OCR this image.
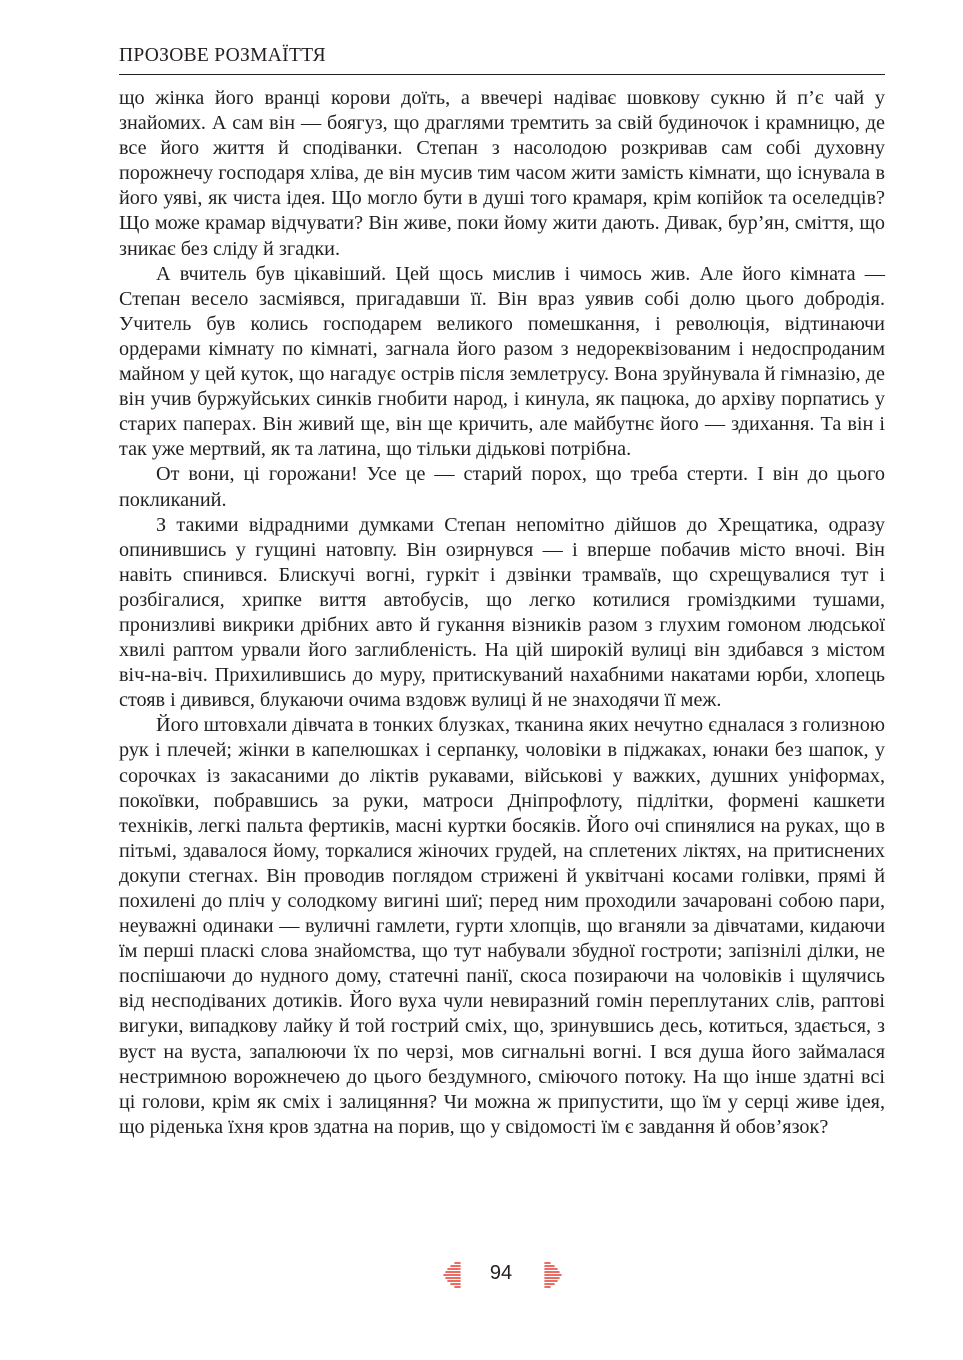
ПРОЗОВЕ РОЗМАЇТТЯ

що жінка його вранці корови доїть, а ввечері надіває шовкову сукню й п’є чай у знайомих. А сам він — боягуз, що драглями тремтить за свій будиночок і крамницю, де все його життя й сподіванки. Степан з насолодою розкривав сам собі духовну порожнечу господаря хліва, де він мусив тим часом жити замість кімнати, що існувала в його уяві, як чиста ідея. Що могло бути в душі того крамаря, крім копійок та оселедців? Що може крамар відчувати? Він живе, поки йому жити дають. Дивак, бур’ян, сміття, що зникає без сліду й згадки.

А вчитель був цікавіший. Цей щось мислив і чимось жив. Але його кімната — Степан весело засміявся, пригадавши її. Він враз уявив собі долю цього добродія. Учитель був колись господарем великого помешкання, і революція, відтинаючи ордерами кімнату по кімнаті, загнала його разом з недореквізованим і недоспроданим майном у цей куток, що нагадує острів після землетрусу. Вона зруйнувала й гімназію, де він учив буржуйських синків гнобити народ, і кинула, як пацюка, до архіву порпатись у старих паперах. Він живий ще, він ще кричить, але майбутнє його — здихання. Та він і так уже мертвий, як та латина, що тільки дідькові потрібна.

От вони, ці горожани! Усе це — старий порох, що треба стерти. І він до цього покликаний.

З такими відрадними думками Степан непомітно дійшов до Хрещатика, одразу опинившись у гущині натовпу. Він озирнувся — і вперше побачив місто вночі. Він навіть спинився. Блискучі вогні, гуркіт і дзвінки трамваїв, що схрещувалися тут і розбігалися, хрипке виття автобусів, що легко котилися громіздкими тушами, пронизливі викрики дрібних авто й гукання візників разом з глухим гомоном людської хвилі раптом урвали його заглибленість. На цій широкій вулиці він здибався з містом віч-на-віч. Прихилившись до муру, притискуваний нахабними накатами юрби, хлопець стояв і дивився, блукаючи очима вздовж вулиці й не знаходячи її меж.

Його штовхали дівчата в тонких блузках, тканина яких нечутно єдналася з голизною рук і плечей; жінки в капелюшках і серпанку, чоловіки в піджаках, юнаки без шапок, у сорочках із закасаними до ліктів рукавами, військові у важких, душних уніформах, покоївки, побравшись за руки, матроси Дніпрофлоту, підлітки, формені кашкети техніків, легкі пальта фертиків, масні куртки босяків. Його очі спинялися на руках, що в пітьмі, здавалося йому, торкалися жіночих грудей, на сплетених ліктях, на притиснених докупи стегнах. Він проводив поглядом стрижені й уквітчані косами голівки, прямі й похилені до пліч у солодкому вигині шиї; перед ним проходили зачаровані собою пари, неуважні одинаки — вуличні гамлети, гурти хлопців, що вганяли за дівчатами, кидаючи їм перші пласкі слова знайомства, що тут набували збудної гостроти; запізнілі ділки, не поспішаючи до нудного дому, статечні панії, скоса позираючи на чоловіків і щулячись від несподіваних дотиків. Його вуха чули невиразний гомін переплутаних слів, раптові вигуки, випадкову лайку й той гострий сміх, що, зринувшись десь, котиться, здається, з вуст на вуста, запалюючи їх по черзі, мов сигнальні вогні. І вся душа його займалася нестримною ворожнечею до цього бездумного, сміючого потоку. На що інше здатні всі ці голови, крім як сміх і залицяння? Чи можна ж припустити, що їм у серці живе ідея, що ріденька їхня кров здатна на порив, що у свідомості їм є завдання й обов’язок?

94
